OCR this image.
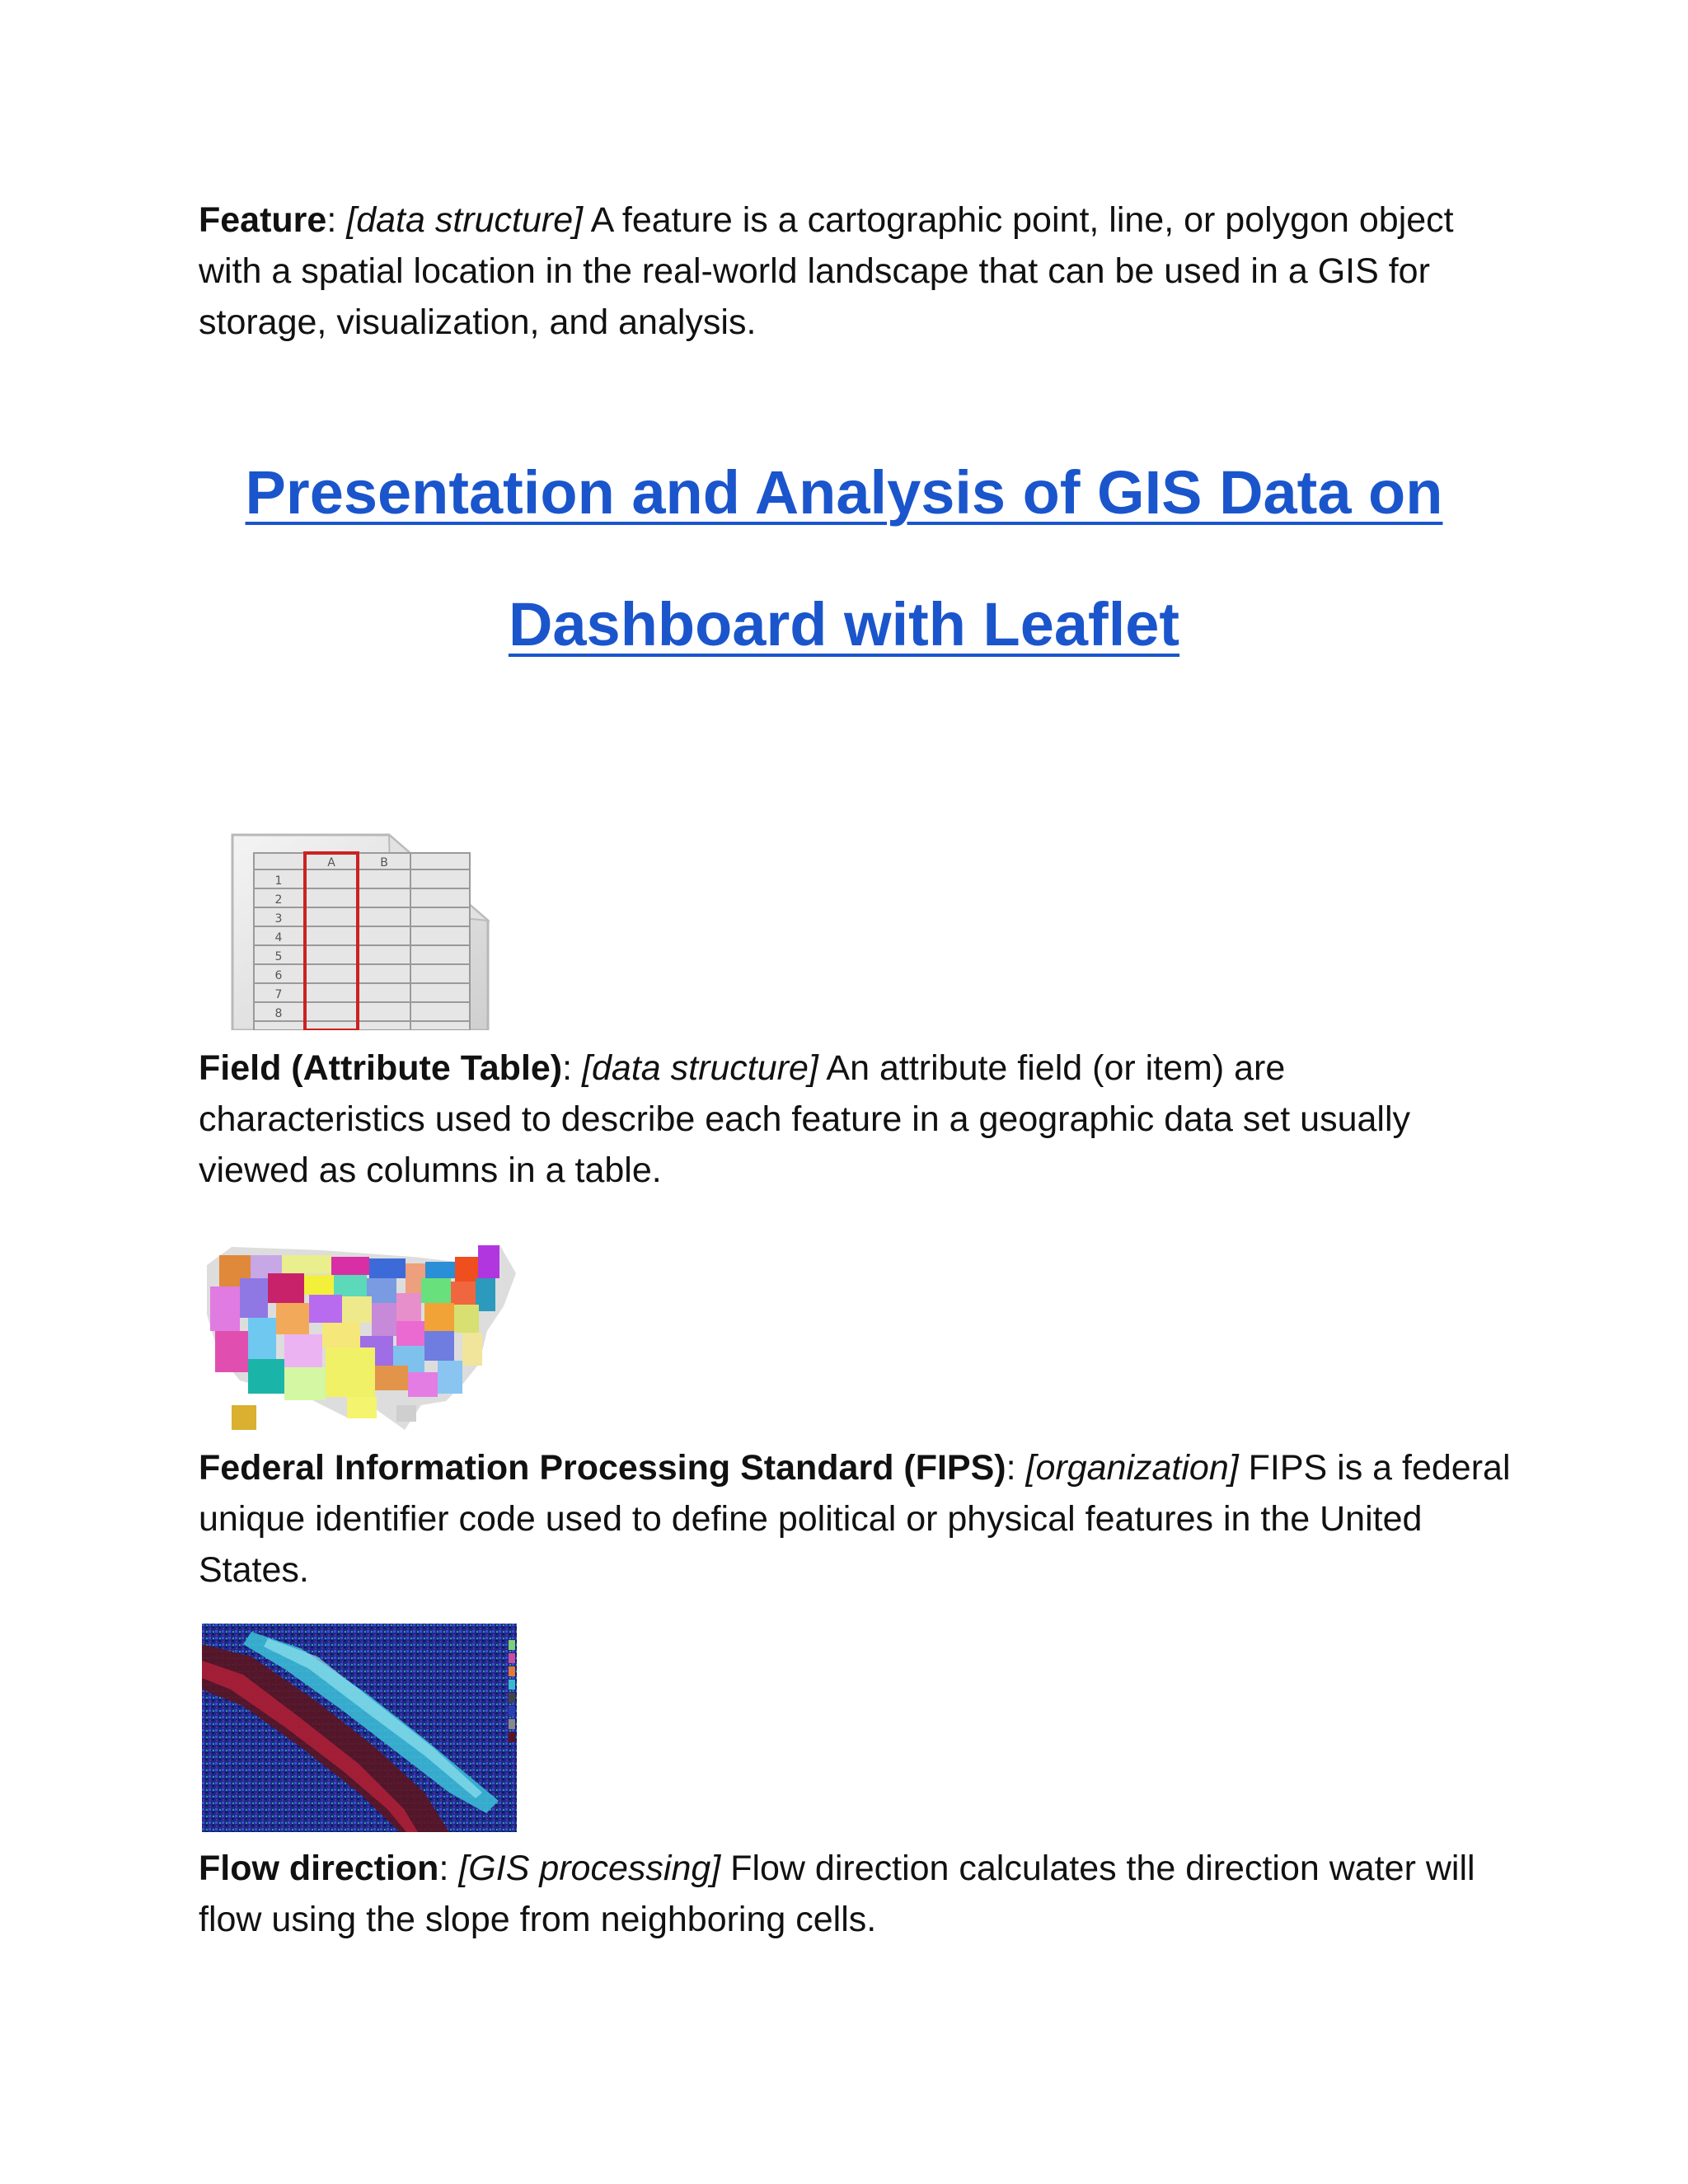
Feature: [data structure] A feature is a cartographic point, line, or polygon object with a spatial location in the real-world landscape that can be used in a GIS for storage, visualization, and analysis.
Presentation and Analysis of GIS Data on
Dashboard with Leaflet
A	B
1
2
3
4
5
6
7
8
Field (Attribute Table): [data structure] An attribute field (or item) are characteristics used to describe each feature in a geographic data set usually viewed as columns in a table.
Federal Information Processing Standard (FIPS): [organization] FIPS is a federal unique identifier code used to define political or physical features in the United States.
Flow direction: [GIS processing] Flow direction calculates the direction water will flow using the slope from neighboring cells.
